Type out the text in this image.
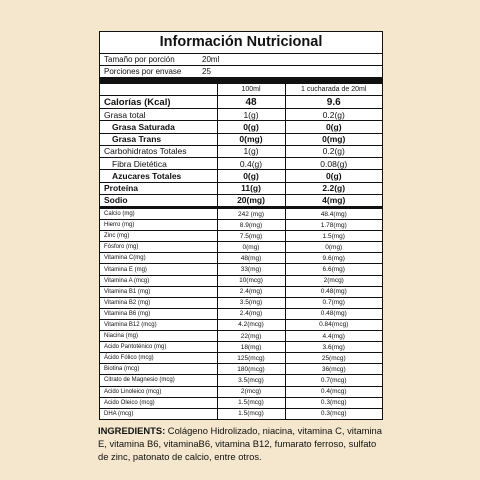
Información Nutricional
Tamaño por porción	20ml
Porciones por envase	25
	100ml	1 cucharada de 20ml
Calorías (Kcal)	48	9.6
Grasa total	1(g)	0.2(g)
Grasa Saturada	0(g)	0(g)
Grasa Trans	0(mg)	0(mg)
Carbohidratos Totales	1(g)	0.2(g)
Fibra Dietética	0.4(g)	0.08(g)
Azucares Totales	0(g)	0(g)
Proteína	11(g)	2.2(g)
Sodio	20(mg)	4(mg)
Calcio (mg)	242 (mg)	48.4(mg)
Hierro (mg)	8.9(mg)	1.78(mg)
Zinc (mg)	7.5(mg)	1.5(mg)
Fósforo (mg)	0(mg)	0(mg)
Vitamina C(mg)	48(mg)	9.6(mg)
Vitamina E (mg)	33(mg)	6.6(mg)
Vitamina A (mcg)	10(mcg)	2(mcg)
Vitamina B1 (mg)	2.4(mg)	0.48(mg)
Vitamina B2 (mg)	3.5(mg)	0.7(mg)
Vitamina B6 (mg)	2.4(mg)	0.48(mg)
Vitamina B12 (mcg)	4.2(mcg)	0.84(mcg)
Niacina (mg)	22(mg)	4.4(mg)
Acido Pantoténico (mg)	18(mg)	3.6(mg)
Ácido Fólico (mcg)	125(mcg)	25(mcg)
Biotina (mcg)	180(mcg)	36(mcg)
Citrato de Magnesio (mcg)	3.5(mcg)	0.7(mcg)
Acido Linoleico (mcg)	2(mcg)	0.4(mcg)
Acido Oleico (mcg)	1.5(mcg)	0.3(mcg)
DHA (mcg)	1.5(mcg)	0.3(mcg)
INGREDIENTS: Colágeno Hidrolizado, niacina, vitamina C, vitamina E, vitamina B6, vitaminaB6, vitamina B12, fumarato ferroso, sulfato de zinc, patonato de calcio, entre otros.
